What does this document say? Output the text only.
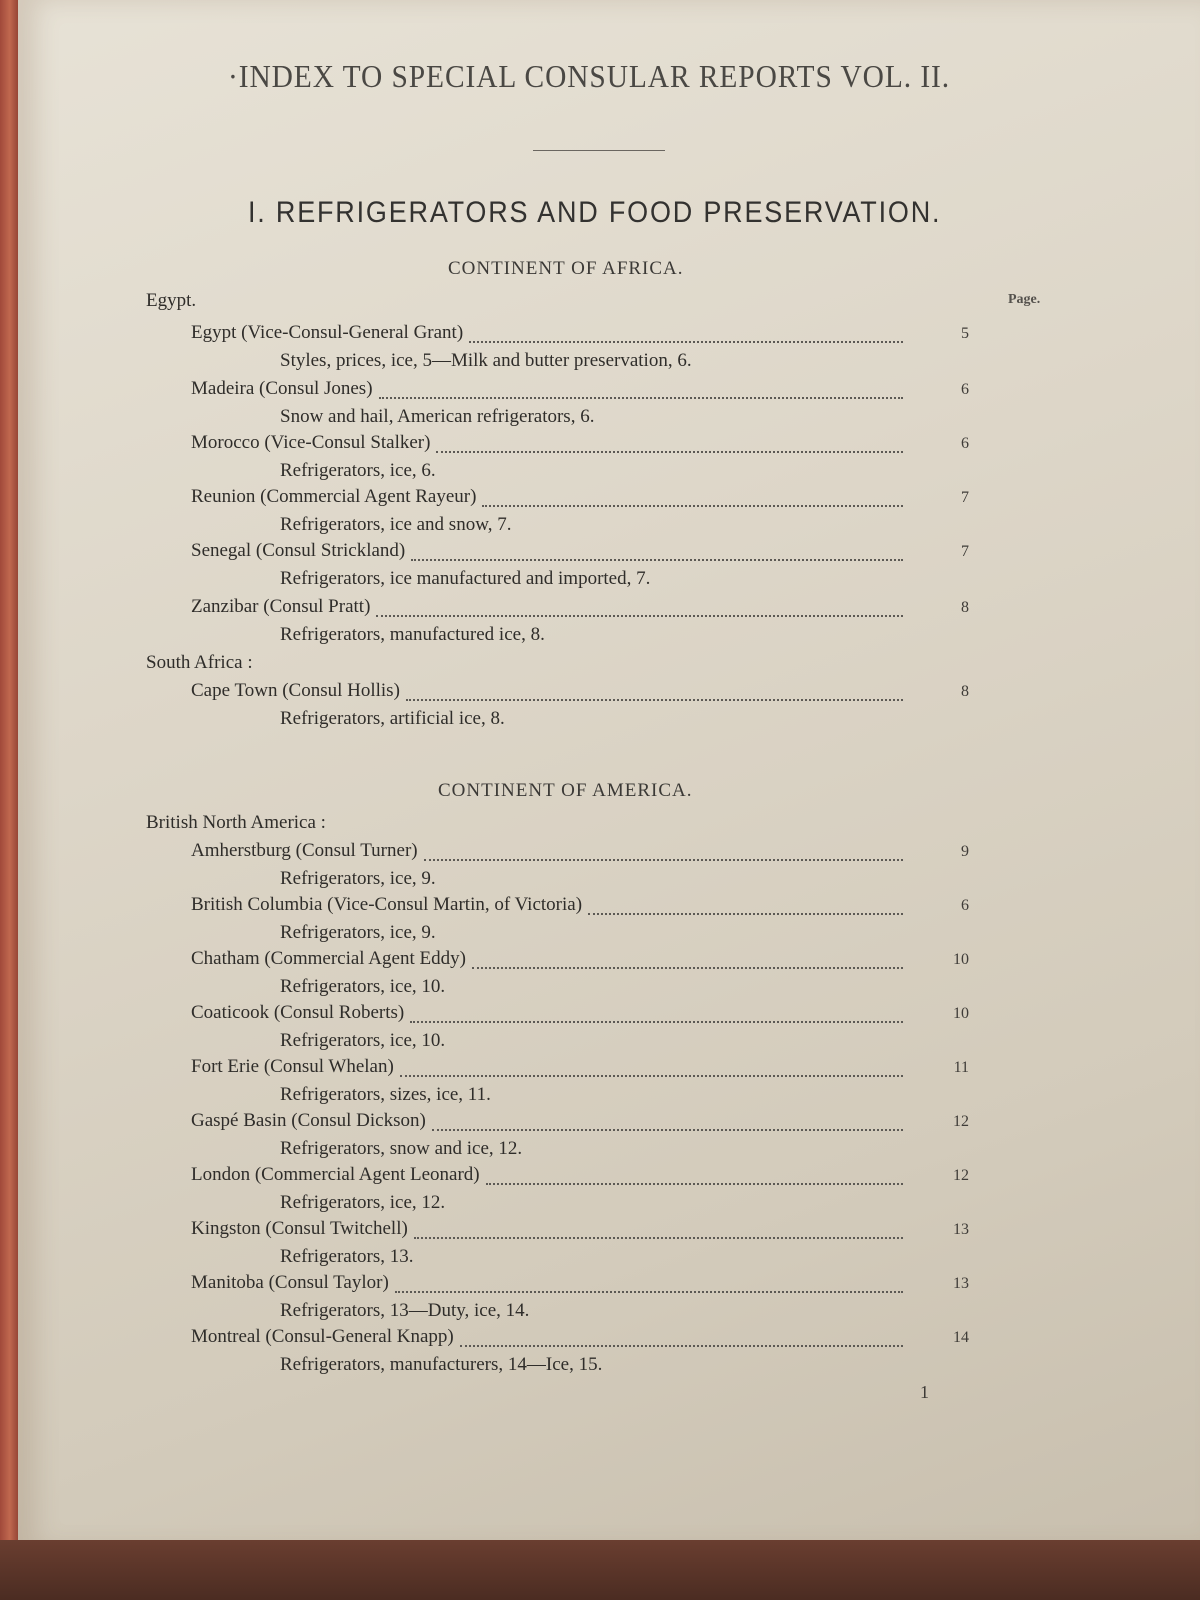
·INDEX TO SPECIAL CONSULAR REPORTS VOL. II.
I. REFRIGERATORS AND FOOD PRESERVATION.
CONTINENT OF AFRICA.
Page.
Egypt.
Egypt (Vice-Consul-General Grant)	5
Styles, prices, ice, 5—Milk and butter preservation, 6.
Madeira (Consul Jones)	6
Snow and hail, American refrigerators, 6.
Morocco (Vice-Consul Stalker)	6
Refrigerators, ice, 6.
Reunion (Commercial Agent Rayeur)	7
Refrigerators, ice and snow, 7.
Senegal (Consul Strickland)	7
Refrigerators, ice manufactured and imported, 7.
Zanzibar (Consul Pratt)	8
Refrigerators, manufactured ice, 8.
South Africa :
Cape Town (Consul Hollis)	8
Refrigerators, artificial ice, 8.
CONTINENT OF AMERICA.
British North America :
Amherstburg (Consul Turner)	9
Refrigerators, ice, 9.
British Columbia (Vice-Consul Martin, of Victoria)	6
Refrigerators, ice, 9.
Chatham (Commercial Agent Eddy)	10
Refrigerators, ice, 10.
Coaticook (Consul Roberts)	10
Refrigerators, ice, 10.
Fort Erie (Consul Whelan)	11
Refrigerators, sizes, ice, 11.
Gaspé Basin (Consul Dickson)	12
Refrigerators, snow and ice, 12.
London (Commercial Agent Leonard)	12
Refrigerators, ice, 12.
Kingston (Consul Twitchell)	13
Refrigerators, 13.
Manitoba (Consul Taylor)	13
Refrigerators, 13—Duty, ice, 14.
Montreal (Consul-General Knapp)	14
Refrigerators, manufacturers, 14—Ice, 15.
1
